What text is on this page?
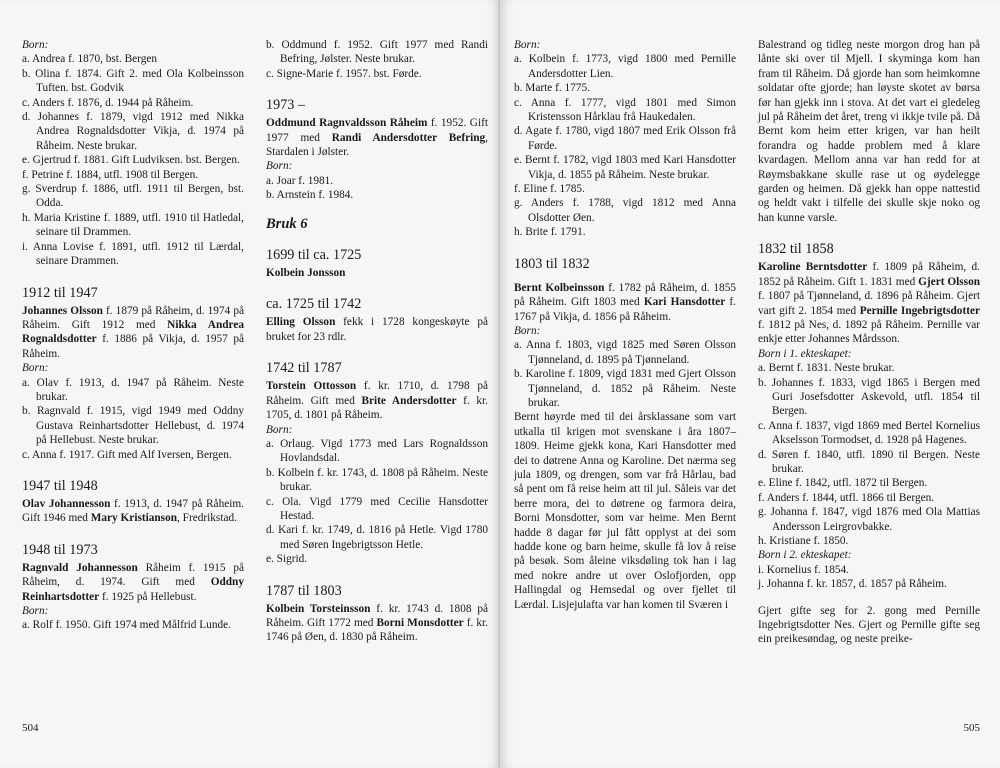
Born:

a. Andrea f. 1870, bst. Bergen

b. Olina f. 1874. Gift 2. med Ola Kolbeinsson Tuften. bst. Godvik

c. Anders f. 1876, d. 1944 på Råheim.

d. Johannes f. 1879, vigd 1912 med Nikka Andrea Rognaldsdotter Vikja, d. 1974 på Råheim. Neste brukar.

e. Gjertrud f. 1881. Gift Ludviksen. bst. Bergen.

f. Petrine f. 1884, utfl. 1908 til Bergen.

g. Sverdrup f. 1886, utfl. 1911 til Bergen, bst. Odda.

h. Maria Kristine f. 1889, utfl. 1910 til Hatledal, seinare til Drammen.

i. Anna Lovise f. 1891, utfl. 1912 til Lærdal, seinare Drammen.

1912 til 1947

Johannes Olsson f. 1879 på Råheim, d. 1974 på Råheim. Gift 1912 med Nikka Andrea Rognaldsdotter f. 1886 på Vikja, d. 1957 på Råheim.

Born:

a. Olav f. 1913, d. 1947 på Råheim. Neste brukar.

b. Ragnvald f. 1915, vigd 1949 med Oddny Gustava Reinhartsdotter Hellebust, d. 1974 på Hellebust. Neste brukar.

c. Anna f. 1917. Gift med Alf Iversen, Bergen.

1947 til 1948

Olav Johannesson f. 1913, d. 1947 på Råheim. Gift 1946 med Mary Kristianson, Fredrikstad.

1948 til 1973

Ragnvald Johannesson Råheim f. 1915 på Råheim, d. 1974. Gift med Oddny Reinhartsdotter f. 1925 på Hellebust.

Born:

a. Rolf f. 1950. Gift 1974 med Målfrid Lunde.

b. Oddmund f. 1952. Gift 1977 med Randi Befring, Jølster. Neste brukar.

c. Signe-Marie f. 1957. bst. Førde.

1973 –

Oddmund Ragnvaldsson Råheim f. 1952. Gift 1977 med Randi Andersdotter Befring, Stardalen i Jølster.

Born:

a. Joar f. 1981.

b. Arnstein f. 1984.

Bruk 6

1699 til ca. 1725

Kolbein Jonsson

ca. 1725 til 1742

Elling Olsson fekk i 1728 kongeskøyte på bruket for 23 rdlr.

1742 til 1787

Torstein Ottosson f. kr. 1710, d. 1798 på Råheim. Gift med Brite Andersdotter f. kr. 1705, d. 1801 på Råheim.

Born:

a. Orlaug. Vigd 1773 med Lars Rognaldsson Hovlandsdal.

b. Kolbein f. kr. 1743, d. 1808 på Råheim. Neste brukar.

c. Ola. Vigd 1779 med Cecilie Hansdotter Hestad.

d. Kari f. kr. 1749, d. 1816 på Hetle. Vigd 1780 med Søren Ingebrigtsson Hetle.

e. Sigrid.

1787 til 1803

Kolbein Torsteinsson f. kr. 1743 d. 1808 på Råheim. Gift 1772 med Borni Monsdotter f. kr. 1746 på Øen, d. 1830 på Råheim.

504

Born:

a. Kolbein f. 1773, vigd 1800 med Pernille Andersdotter Lien.

b. Marte f. 1775.

c. Anna f. 1777, vigd 1801 med Simon Kristensson Hårklau frå Haukedalen.

d. Agate f. 1780, vigd 1807 med Erik Olsson frå Førde.

e. Bernt f. 1782, vigd 1803 med Kari Hansdotter Vikja, d. 1855 på Råheim. Neste brukar.

f. Eline f. 1785.

g. Anders f. 1788, vigd 1812 med Anna Olsdotter Øen.

h. Brite f. 1791.

1803 til 1832

Bernt Kolbeinsson f. 1782 på Råheim, d. 1855 på Råheim. Gift 1803 med Kari Hansdotter f. 1767 på Vikja, d. 1856 på Råheim.

Born:

a. Anna f. 1803, vigd 1825 med Søren Olsson Tjønneland, d. 1895 på Tjønneland.

b. Karoline f. 1809, vigd 1831 med Gjert Olsson Tjønneland, d. 1852 på Råheim. Neste brukar.

Bernt høyrde med til dei årsklassane som vart utkalla til krigen mot svenskane i åra 1807–1809. Heime gjekk kona, Kari Hansdotter med dei to døtrene Anna og Karoline. Det nærma seg jula 1809, og drengen, som var frå Hårlau, bad så pent om få reise heim att til jul. Såleis var det berre mora, dei to døtrene og farmora deira, Borni Monsdotter, som var heime. Men Bernt hadde 8 dagar før jul fått opplyst at dei som hadde kone og barn heime, skulle få lov å reise på besøk. Som åleine viksdøling tok han i lag med nokre andre ut over Oslofjorden, opp Hallingdal og Hemsedal og over fjellet til Lærdal. Lisjejulafta var han komen til Sværen i

Balestrand og tidleg neste morgon drog han på lånte ski over til Mjell. I skyminga kom han fram til Råheim. Då gjorde han som heimkomne soldatar ofte gjorde; han løyste skotet av børsa før han gjekk inn i stova. At det vart ei gledeleg jul på Råheim det året, treng vi ikkje tvile på. Då Bernt kom heim etter krigen, var han heilt forandra og hadde problem med å klare kvardagen. Mellom anna var han redd for at Røymsbakkane skulle rase ut og øydelegge garden og heimen. Då gjekk han oppe nattestid og heldt vakt i tilfelle dei skulle skje noko og han kunne varsle.

1832 til 1858

Karoline Berntsdotter f. 1809 på Råheim, d. 1852 på Råheim. Gift 1. 1831 med Gjert Olsson f. 1807 på Tjønneland, d. 1896 på Råheim. Gjert vart gift 2. 1854 med Pernille Ingebrigtsdotter f. 1812 på Nes, d. 1892 på Råheim. Pernille var enkje etter Johannes Mårdsson.

Born i 1. ekteskapet:

a. Bernt f. 1831. Neste brukar.

b. Johannes f. 1833, vigd 1865 i Bergen med Guri Josefsdotter Askevold, utfl. 1854 til Bergen.

c. Anna f. 1837, vigd 1869 med Bertel Kornelius Akselsson Tormodset, d. 1928 på Hagenes.

d. Søren f. 1840, utfl. 1890 til Bergen. Neste brukar.

e. Eline f. 1842, utfl. 1872 til Bergen.

f. Anders f. 1844, utfl. 1866 til Bergen.

g. Johanna f. 1847, vigd 1876 med Ola Mattias Andersson Leirgrovbakke.

h. Kristiane f. 1850.

Born i 2. ekteskapet:

i. Kornelius f. 1854.

j. Johanna f. kr. 1857, d. 1857 på Råheim.

Gjert gifte seg for 2. gong med Pernille Ingebrigtsdotter Nes. Gjert og Pernille gifte seg ein preikesøndag, og neste preike-

505
